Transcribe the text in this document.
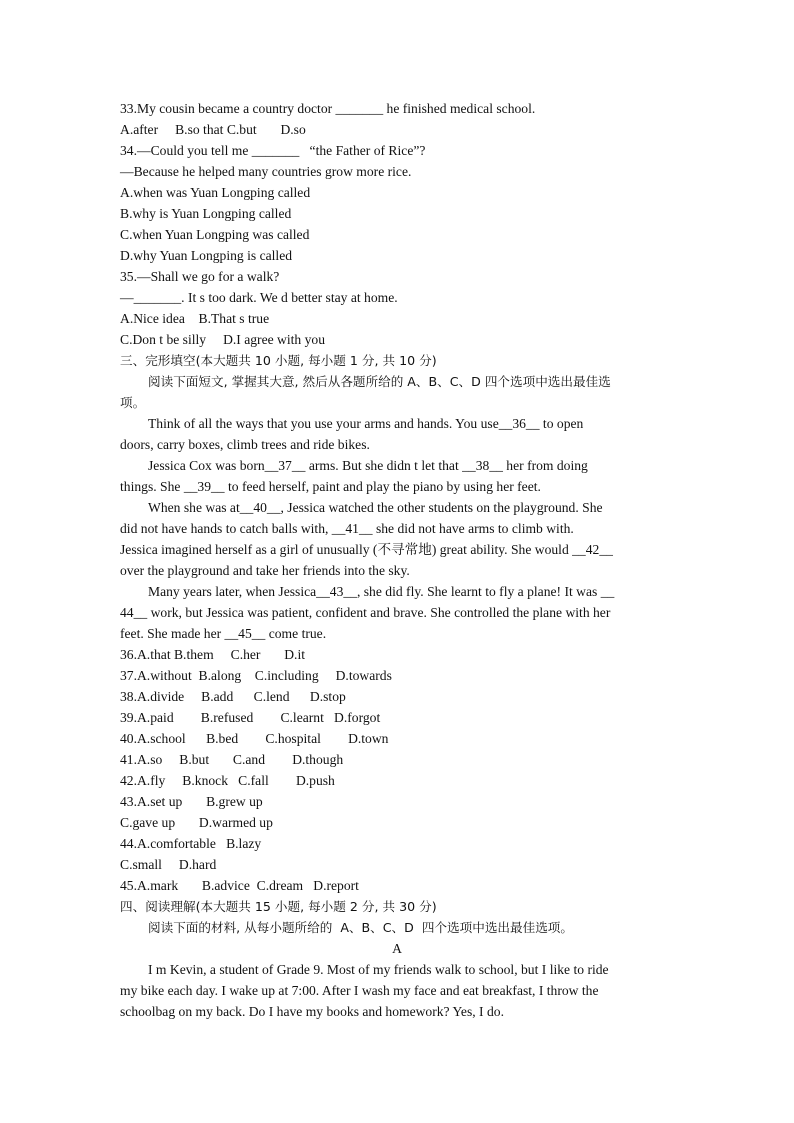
33.My cousin became a country doctor _______ he finished medical school.
A.after     B.so that C.but       D.so
34.—Could you tell me _______   “the Father of Rice”?
—Because he helped many countries grow more rice.
A.when was Yuan Longping called
B.why is Yuan Longping called
C.when Yuan Longping was called
D.why Yuan Longping is called
35.—Shall we go for a walk?
—_______. It s too dark. We d better stay at home.
A.Nice idea    B.That s true
C.Don t be silly     D.I agree with you
三、完形填空(本大题共 10 小题, 每小题 1 分, 共 10 分)
阅读下面短文, 掌握其大意, 然后从各题所给的 A、B、C、D 四个选项中选出最佳选
项。
Think of all the ways that you use your arms and hands. You use__36__ to open
doors, carry boxes, climb trees and ride bikes.
Jessica Cox was born__37__ arms. But she didn t let that __38__ her from doing
things. She __39__ to feed herself, paint and play the piano by using her feet.
When she was at__40__, Jessica watched the other students on the playground. She
did not have hands to catch balls with, __41__ she did not have arms to climb with.
Jessica imagined herself as a girl of unusually (不寻常地) great ability. She would __42__
over the playground and take her friends into the sky.
Many years later, when Jessica__43__, she did fly. She learnt to fly a plane! It was __
44__ work, but Jessica was patient, confident and brave. She controlled the plane with her
feet. She made her __45__ come true.
36.A.that B.them     C.her       D.it
37.A.without  B.along    C.including     D.towards
38.A.divide     B.add      C.lend      D.stop
39.A.paid        B.refused        C.learnt   D.forgot
40.A.school      B.bed        C.hospital        D.town
41.A.so     B.but       C.and        D.though
42.A.fly     B.knock   C.fall        D.push
43.A.set up       B.grew up
C.gave up       D.warmed up
44.A.comfortable   B.lazy
C.small     D.hard
45.A.mark       B.advice  C.dream   D.report
四、阅读理解(本大题共 15 小题, 每小题 2 分, 共 30 分)
阅读下面的材料, 从每小题所给的  A、B、C、D  四个选项中选出最佳选项。
A
I m Kevin, a student of Grade 9. Most of my friends walk to school, but I like to ride
my bike each day. I wake up at 7:00. After I wash my face and eat breakfast, I throw the
schoolbag on my back. Do I have my books and homework? Yes, I do.
